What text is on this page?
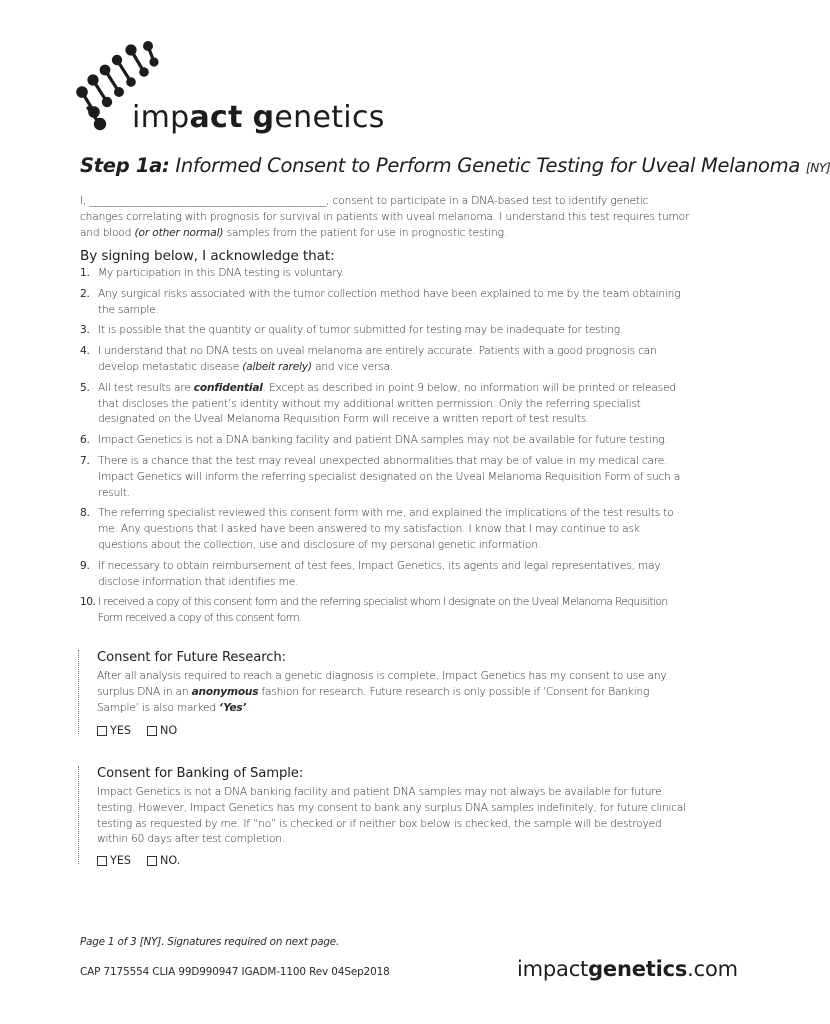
impact genetics
Step 1a: Informed Consent to Perform Genetic Testing for Uveal Melanoma [NY]
I, ______________________________________________, consent to participate in a DNA-based test to identify genetic changes correlating with prognosis for survival in patients with uveal melanoma. I understand this test requires tumor and blood (or other normal) samples from the patient for use in prognostic testing.
By signing below, I acknowledge that:
1. My participation in this DNA testing is voluntary.
2. Any surgical risks associated with the tumor collection method have been explained to me by the team obtaining the sample.
3. It is possible that the quantity or quality of tumor submitted for testing may be inadequate for testing.
4. I understand that no DNA tests on uveal melanoma are entirely accurate. Patients with a good prognosis can develop metastatic disease (albeit rarely) and vice versa.
5. All test results are confidential. Except as described in point 9 below, no information will be printed or released that discloses the patient’s identity without my additional written permission. Only the referring specialist designated on the Uveal Melanoma Requisition Form will receive a written report of test results.
6. Impact Genetics is not a DNA banking facility and patient DNA samples may not be available for future testing.
7. There is a chance that the test may reveal unexpected abnormalities that may be of value in my medical care. Impact Genetics will inform the referring specialist designated on the Uveal Melanoma Requisition Form of such a result.
8. The referring specialist reviewed this consent form with me, and explained the implications of the test results to me. Any questions that I asked have been answered to my satisfaction. I know that I may continue to ask questions about the collection, use and disclosure of my personal genetic information.
9. If necessary to obtain reimbursement of test fees, Impact Genetics, its agents and legal representatives, may disclose information that identifies me.
10. I received a copy of this consent form and the referring specialist whom I designate on the Uveal Melanoma Requisition Form received a copy of this consent form.
Consent for Future Research:
After all analysis required to reach a genetic diagnosis is complete, Impact Genetics has my consent to use any surplus DNA in an anonymous fashion for research. Future research is only possible if ‘Consent for Banking Sample’ is also marked ‘Yes’.
YES	NO
Consent for Banking of Sample:
Impact Genetics is not a DNA banking facility and patient DNA samples may not always be available for future testing. However, Impact Genetics has my consent to bank any surplus DNA samples indefinitely, for future clinical testing as requested by me. If “no” is checked or if neither box below is checked, the sample will be destroyed within 60 days after test completion.
YES	NO.
Page 1 of 3 [NY]. Signatures required on next page.
CAP 7175554 CLIA 99D990947 IGADM-1100 Rev 04Sep2018	impactgenetics.com
